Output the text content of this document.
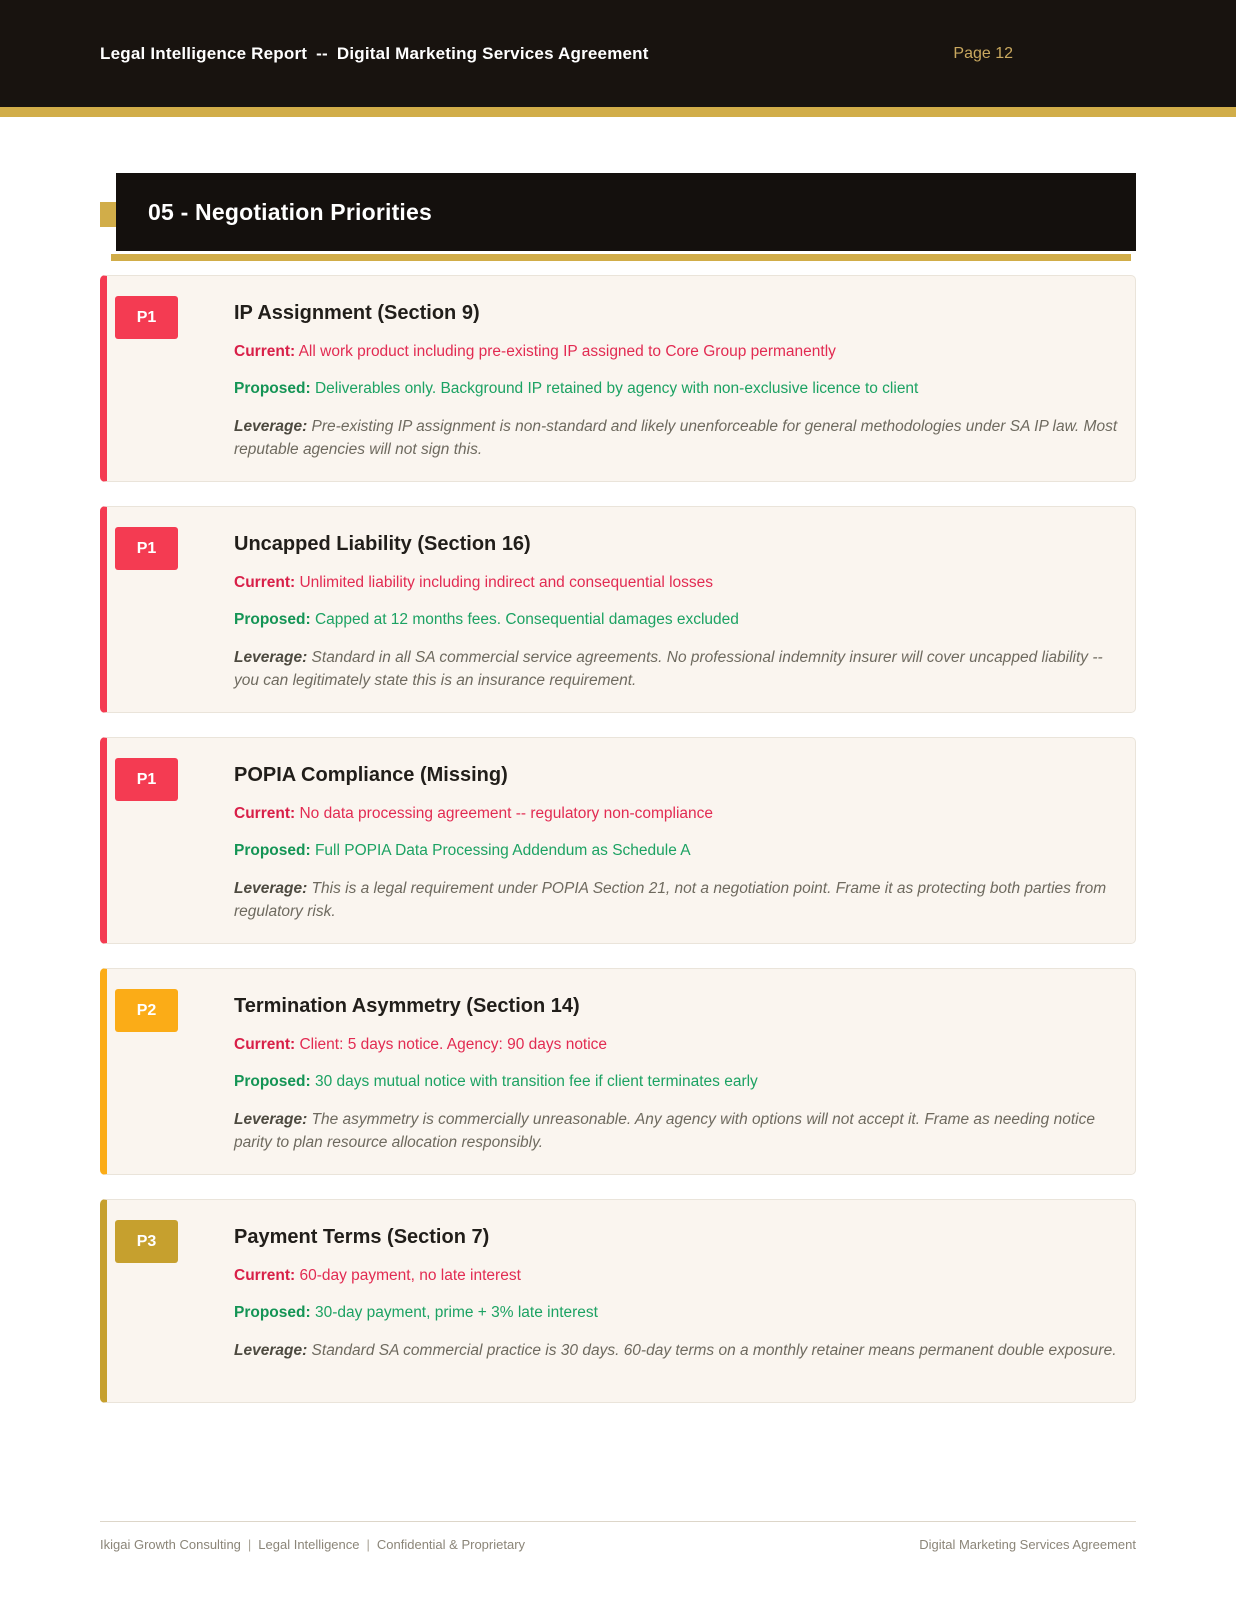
Legal Intelligence Report -- Digital Marketing Services Agreement	Page 12
05 - Negotiation Priorities
P1	IP Assignment (Section 9)

Current: All work product including pre-existing IP assigned to Core Group permanently

Proposed: Deliverables only. Background IP retained by agency with non-exclusive licence to client

Leverage: Pre-existing IP assignment is non-standard and likely unenforceable for general methodologies under SA IP law. Most reputable agencies will not sign this.

P1	Uncapped Liability (Section 16)

Current: Unlimited liability including indirect and consequential losses

Proposed: Capped at 12 months fees. Consequential damages excluded

Leverage: Standard in all SA commercial service agreements. No professional indemnity insurer will cover uncapped liability -- you can legitimately state this is an insurance requirement.

P1	POPIA Compliance (Missing)

Current: No data processing agreement -- regulatory non-compliance

Proposed: Full POPIA Data Processing Addendum as Schedule A

Leverage: This is a legal requirement under POPIA Section 21, not a negotiation point. Frame it as protecting both parties from regulatory risk.

P2	Termination Asymmetry (Section 14)

Current: Client: 5 days notice. Agency: 90 days notice

Proposed: 30 days mutual notice with transition fee if client terminates early

Leverage: The asymmetry is commercially unreasonable. Any agency with options will not accept it. Frame as needing notice parity to plan resource allocation responsibly.

P3	Payment Terms (Section 7)

Current: 60-day payment, no late interest

Proposed: 30-day payment, prime + 3% late interest

Leverage: Standard SA commercial practice is 30 days. 60-day terms on a monthly retainer means permanent double exposure.

Ikigai Growth Consulting | Legal Intelligence | Confidential & Proprietary	Digital Marketing Services Agreement
